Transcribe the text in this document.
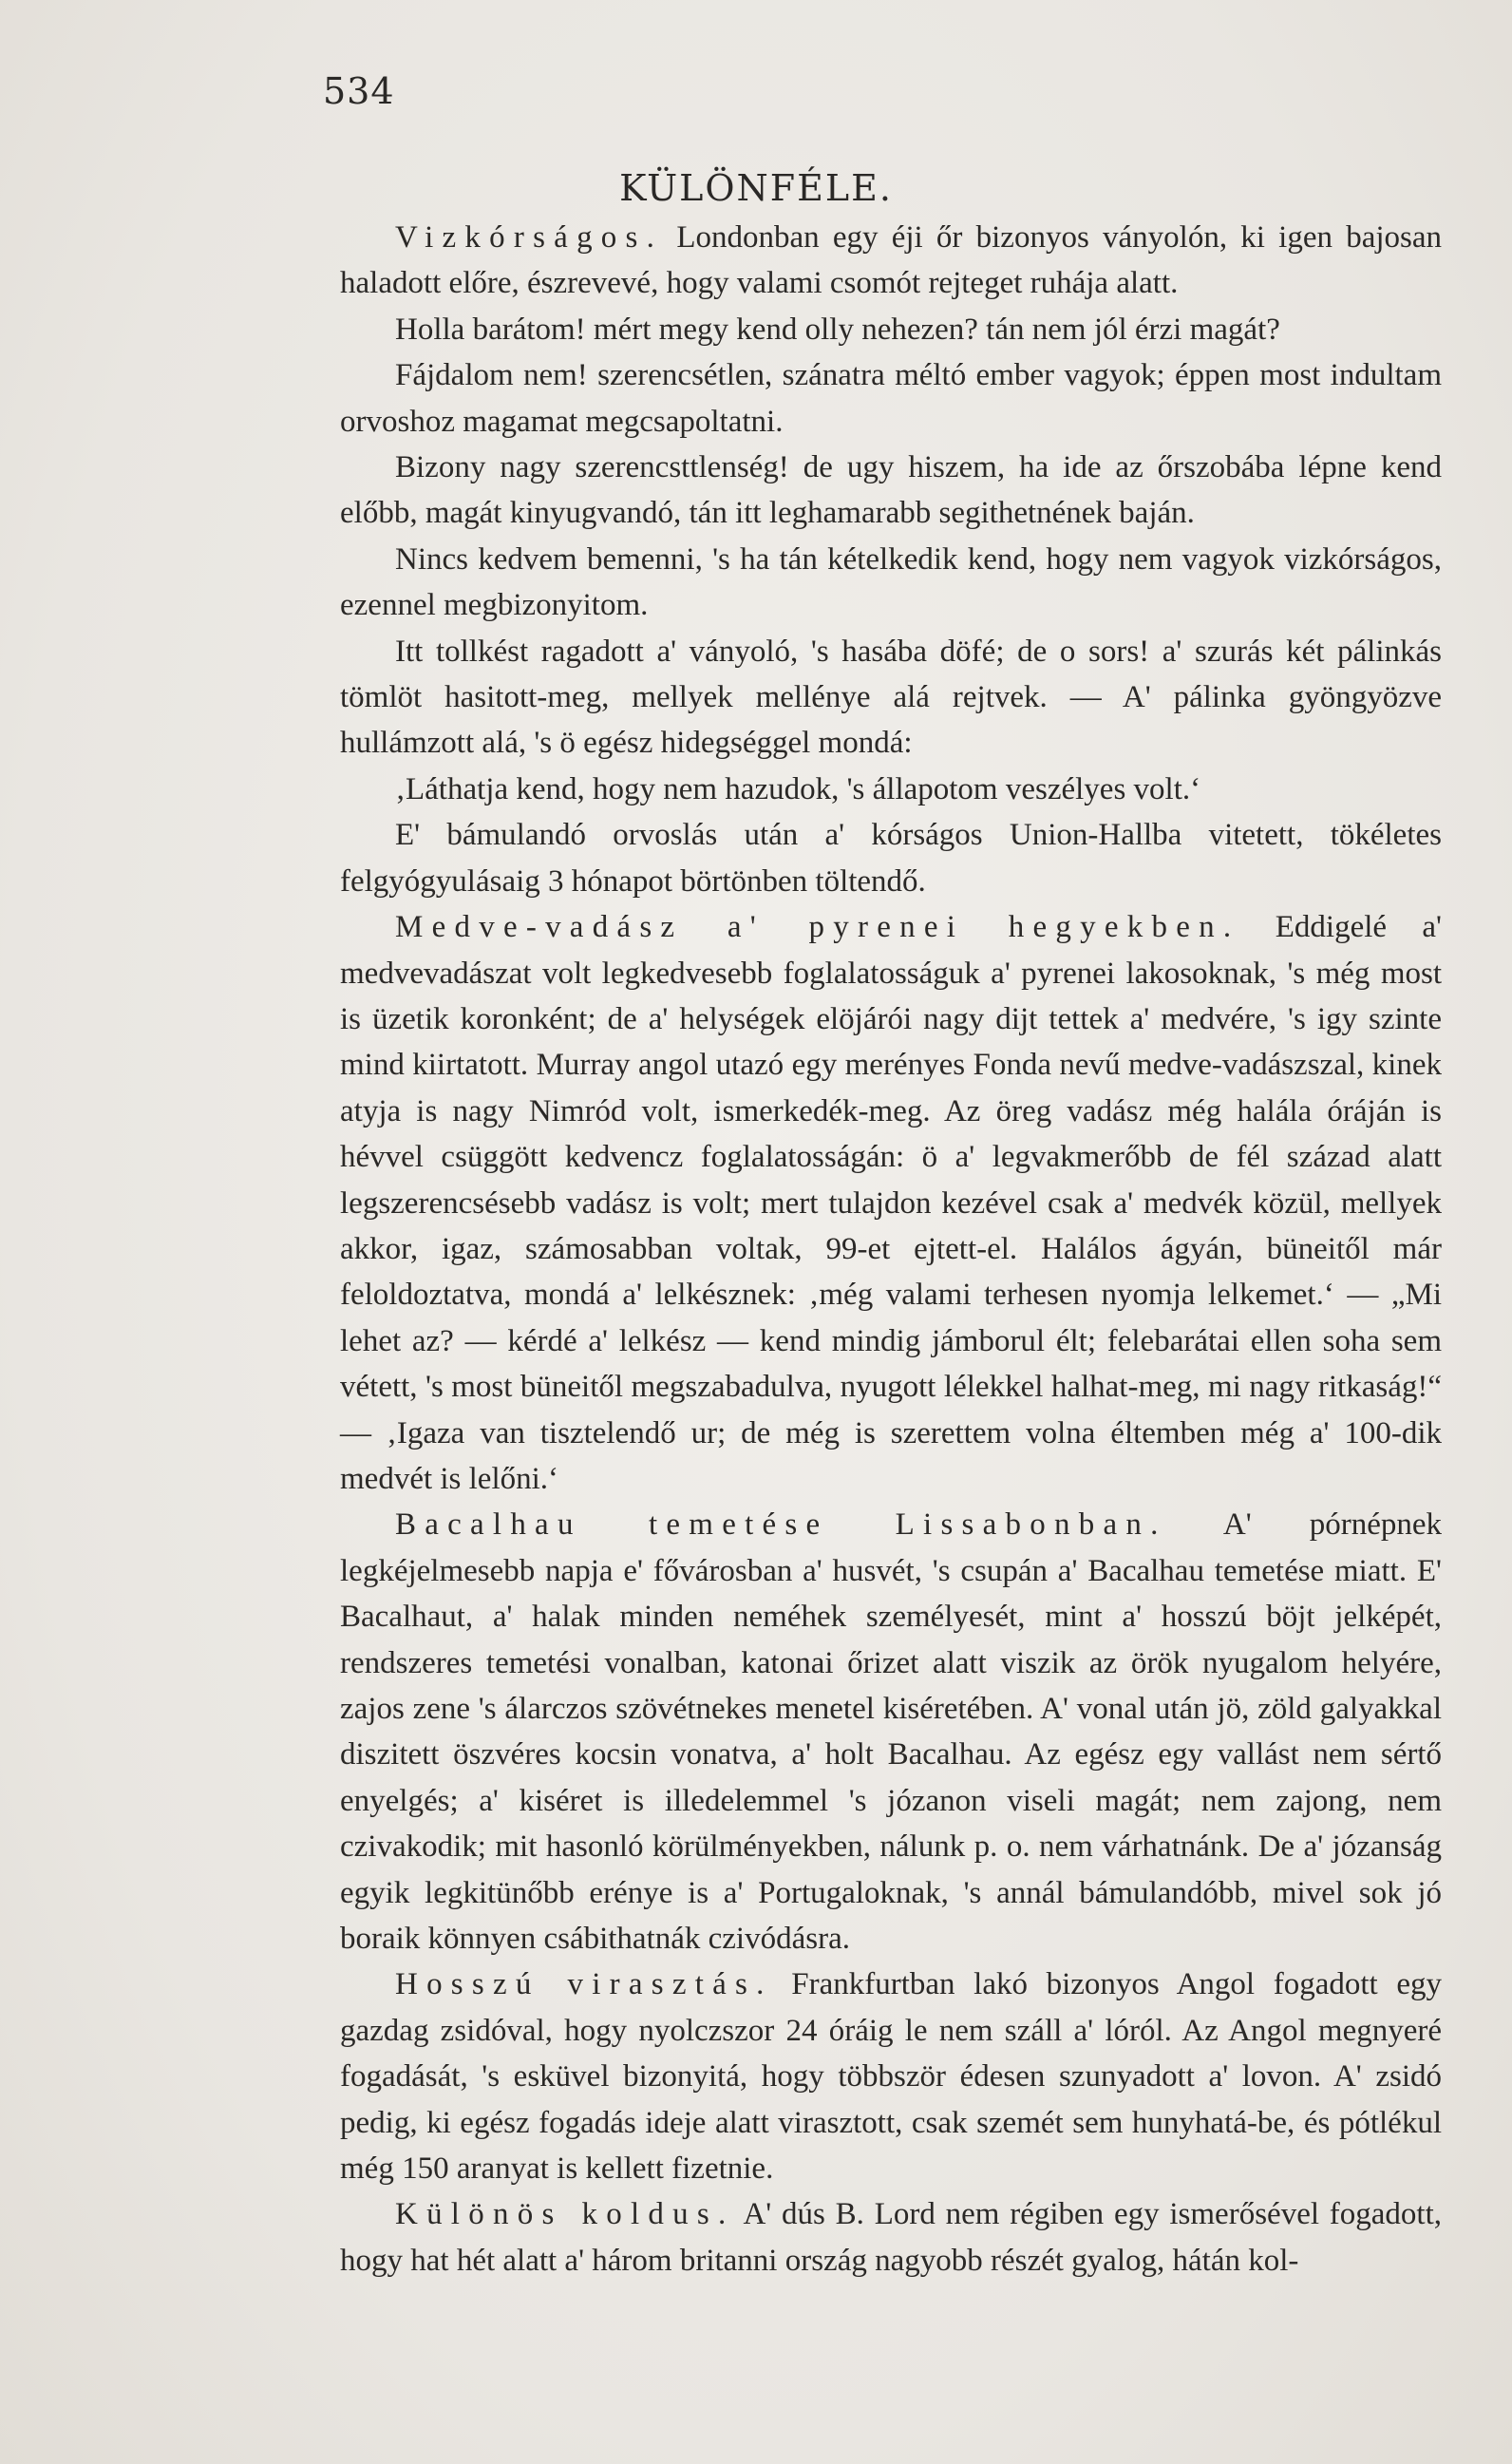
534
KÜLÖNFÉLE.

Vizkórságos. Londonban egy éji őr bizonyos ványolón, ki igen bajosan haladott előre, észrevevé, hogy valami csomót rejteget ruhája alatt.

Holla barátom! mért megy kend olly nehezen? tán nem jól érzi magát?

Fájdalom nem! szerencsétlen, szánatra méltó ember vagyok; éppen most indultam orvoshoz magamat megcsapoltatni.

Bizony nagy szerencsttlenség! de ugy hiszem, ha ide az őrszobába lépne kend előbb, magát kinyugvandó, tán itt leghamarabb segithetnének baján.

Nincs kedvem bemenni, 's ha tán kételkedik kend, hogy nem vagyok vizkórságos, ezennel megbizonyitom.

Itt tollkést ragadott a' ványoló, 's hasába döfé; de o sors! a' szurás két pálinkás tömlöt hasitott-meg, mellyek mellénye alá rejtvek. — A' pálinka gyöngyözve hullámzott alá, 's ö egész hidegséggel mondá:

‚Láthatja kend, hogy nem hazudok, 's állapotom veszélyes volt.‘

E' bámulandó orvoslás után a' kórságos Union-Hallba vitetett, tökéletes felgyógyulásaig 3 hónapot börtönben töltendő.

Medve-vadász a' pyrenei hegyekben. Eddigelé a' medvevadászat volt legkedvesebb foglalatosságuk a' pyrenei lakosoknak, 's még most is üzetik koronként; de a' helységek elöjárói nagy dijt tettek a' medvére, 's igy szinte mind kiirtatott. Murray angol utazó egy merényes Fonda nevű medve-vadászszal, kinek atyja is nagy Nimród volt, ismerkedék-meg. Az öreg vadász még halála óráján is hévvel csüggött kedvencz foglalatosságán: ö a' legvakmerőbb de fél század alatt legszerencsésebb vadász is volt; mert tulajdon kezével csak a' medvék közül, mellyek akkor, igaz, számosabban voltak, 99-et ejtett-el. Halálos ágyán, büneitől már feloldoztatva, mondá a' lelkésznek: ‚még valami terhesen nyomja lelkemet.‘ — „Mi lehet az? — kérdé a' lelkész — kend mindig jámborul élt; felebarátai ellen soha sem vétett, 's most büneitől megszabadulva, nyugott lélekkel halhat-meg, mi nagy ritkaság!“ — ‚Igaza van tisztelendő ur; de még is szerettem volna éltemben még a' 100-dik medvét is lelőni.‘

Bacalhau temetése Lissabonban. A' pórnépnek legkéjelmesebb napja e' fővárosban a' husvét, 's csupán a' Bacalhau temetése miatt. E' Bacalhaut, a' halak minden neméhek személyesét, mint a' hosszú böjt jelképét, rendszeres temetési vonalban, katonai őrizet alatt viszik az örök nyugalom helyére, zajos zene 's álarczos szövétnekes menetel kiséretében. A' vonal után jö, zöld galyakkal diszitett öszvéres kocsin vonatva, a' holt Bacalhau. Az egész egy vallást nem sértő enyelgés; a' kiséret is illedelemmel 's józanon viseli magát; nem zajong, nem czivakodik; mit hasonló körülményekben, nálunk p. o. nem várhatnánk. De a' józanság egyik legkitünőbb erénye is a' Portugaloknak, 's annál bámulandóbb, mivel sok jó boraik könnyen csábithatnák czivódásra.

Hosszú virasztás. Frankfurtban lakó bizonyos Angol fogadott egy gazdag zsidóval, hogy nyolczszor 24 óráig le nem száll a' lóról. Az Angol megnyeré fogadását, 's esküvel bizonyitá, hogy többször édesen szunyadott a' lovon. A' zsidó pedig, ki egész fogadás ideje alatt virasztott, csak szemét sem hunyhatá-be, és pótlékul még 150 aranyat is kellett fizetnie.

Különös koldus. A' dús B. Lord nem régiben egy ismerősével fogadott, hogy hat hét alatt a' három britanni ország nagyobb részét gyalog, hátán kol-
